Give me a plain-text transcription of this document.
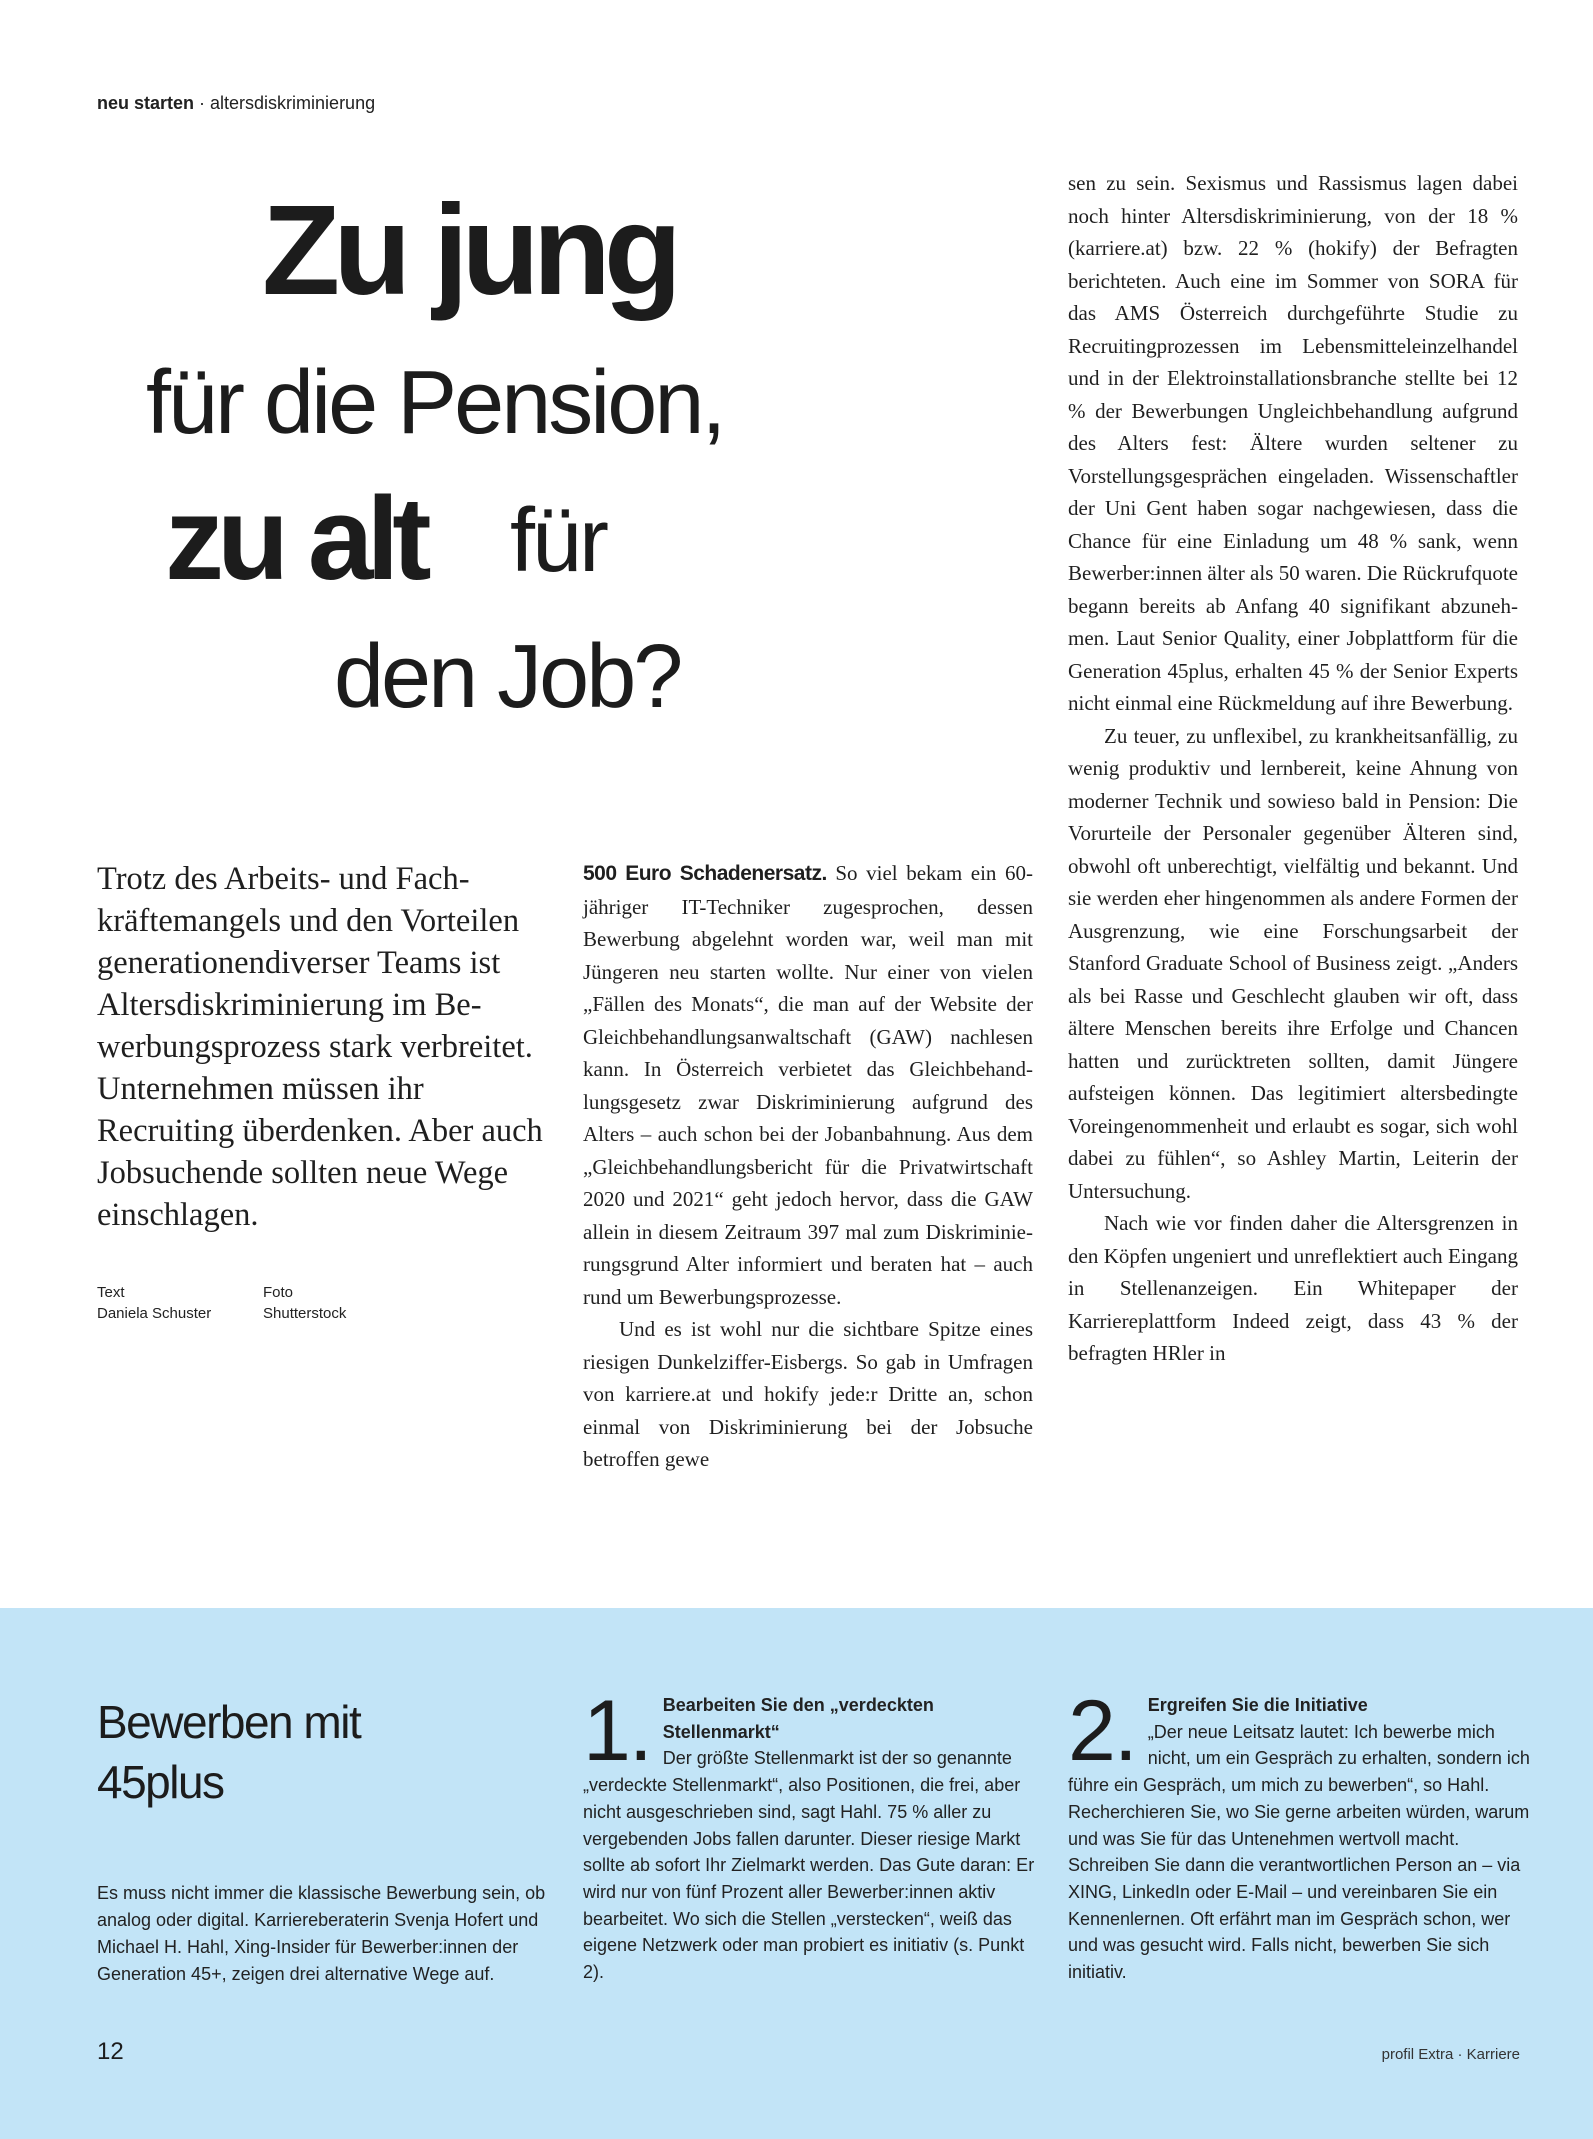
neu starten · altersdiskriminierung
Zu jung
für die Pension,
zu alt für
den Job?

Trotz des Arbeits- und Fachkräftemangels und den Vorteilen generationendiverser Teams ist Altersdiskriminierung im Bewerbungsprozess stark verbreitet. Unternehmen müssen ihr Recruiting überdenken. Aber auch Jobsuchende sollten neue Wege einschlagen.

Text
Daniela Schuster
Foto
Shutterstock

500 Euro Schadenersatz. So viel bekam ein 60-jähriger IT-Techniker zugesprochen, dessen Bewerbung abgelehnt worden war, weil man mit Jüngeren neu starten wollte. Nur einer von vielen „Fällen des Monats“, die man auf der Website der Gleichbehandlungsanwaltschaft (GAW) nachlesen kann. In Österreich verbietet das Gleichbehandlungsgesetz zwar Diskriminierung aufgrund des Alters – auch schon bei der Jobanbahnung. Aus dem „Gleichbehandlungsbericht für die Privatwirtschaft 2020 und 2021“ geht jedoch hervor, dass die GAW allein in diesem Zeitraum 397 mal zum Diskriminierungsgrund Alter informiert und beraten hat – auch rund um Bewerbungsprozesse.

Und es ist wohl nur die sichtbare Spitze eines riesigen Dunkelziffer-Eisbergs. So gab in Umfragen von karriere.at und hokify jede:r Dritte an, schon einmal von Diskriminierung bei der Jobsuche betroffen gewe

sen zu sein. Sexismus und Rassismus lagen dabei noch hinter Altersdiskriminierung, von der 18 % (karriere.at) bzw. 22 % (hokify) der Befragten berichteten. Auch eine im Sommer von SORA für das AMS Österreich durchgeführte Studie zu Recruitingprozessen im Lebensmitteleinzelhandel und in der Elektroinstallationsbranche stellte bei 12 % der Bewerbungen Ungleichbehandlung aufgrund des Alters fest: Ältere wurden seltener zu Vorstellungsgesprächen eingeladen. Wissenschaftler der Uni Gent haben sogar nachgewiesen, dass die Chance für eine Einladung um 48 % sank, wenn Bewerber:innen älter als 50 waren. Die Rückrufquote begann bereits ab Anfang 40 signifikant abzunehmen. Laut Senior Quality, einer Jobplattform für die Generation 45plus, erhalten 45 % der Senior Experts nicht einmal eine Rückmeldung auf ihre Bewerbung.

Zu teuer, zu unflexibel, zu krankheitsanfällig, zu wenig produktiv und lernbereit, keine Ahnung von moderner Technik und sowieso bald in Pension: Die Vorurteile der Personaler gegenüber Älteren sind, obwohl oft unberechtigt, vielfältig und bekannt. Und sie werden eher hingenommen als andere Formen der Ausgrenzung, wie eine Forschungsarbeit der Stanford Graduate School of Business zeigt. „Anders als bei Rasse und Geschlecht glauben wir oft, dass ältere Menschen bereits ihre Erfolge und Chancen hatten und zurücktreten sollten, damit Jüngere aufsteigen können. Das legitimiert altersbedingte Voreingenommenheit und erlaubt es sogar, sich wohl dabei zu fühlen“, so Ashley Martin, Leiterin der Untersuchung.

Nach wie vor finden daher die Altersgrenzen in den Köpfen ungeniert und unreflektiert auch Eingang in Stellenanzeigen. Ein Whitepaper der Karriereplattform Indeed zeigt, dass 43 % der befragten HRler in

Bewerben mit 45plus

Es muss nicht immer die klassische Bewerbung sein, ob analog oder digital. Karriereberaterin Svenja Hofert und Michael H. Hahl, Xing-Insider für Bewerber:innen der Generation 45+, zeigen drei alternative Wege auf.

1. Bearbeiten Sie den „verdeckten Stellenmarkt“
Der größte Stellenmarkt ist der so genannte „verdeckte Stellenmarkt“, also Positionen, die frei, aber nicht ausgeschrieben sind, sagt Hahl. 75 % aller zu vergebenden Jobs fallen darunter. Dieser riesige Markt sollte ab sofort Ihr Zielmarkt werden. Das Gute daran: Er wird nur von fünf Prozent aller Bewerber:innen aktiv bearbeitet. Wo sich die Stellen „verstecken“, weiß das eigene Netzwerk oder man probiert es initiativ (s. Punkt 2).
2. Ergreifen Sie die Initiative
„Der neue Leitsatz lautet: Ich bewerbe mich nicht, um ein Gespräch zu erhalten, sondern ich führe ein Gespräch, um mich zu bewerben“, so Hahl. Recherchieren Sie, wo Sie gerne arbeiten würden, warum und was Sie für das Untenehmen wertvoll macht. Schreiben Sie dann die verantwortlichen Person an – via XING, LinkedIn oder E-Mail – und vereinbaren Sie ein Kennenlernen. Oft erfährt man im Gespräch schon, wer und was gesucht wird. Falls nicht, bewerben Sie sich initiativ.
12	profil Extra · Karriere
